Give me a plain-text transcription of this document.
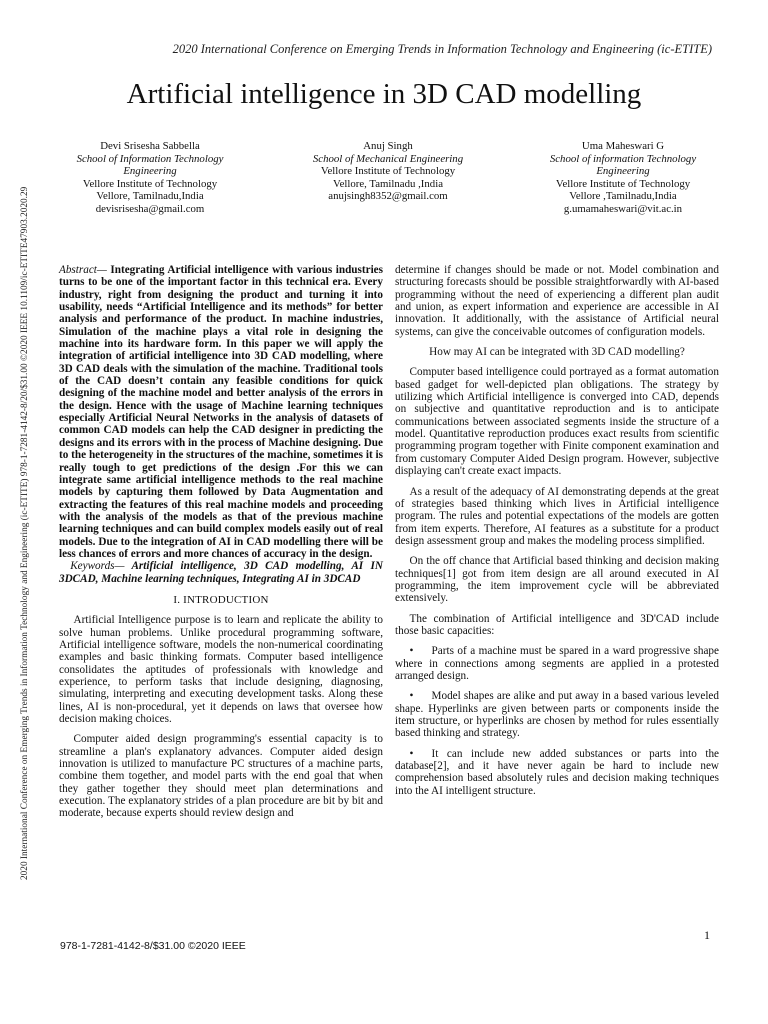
2020 International Conference on Emerging Trends in Information Technology and Engineering (ic-ETITE)

2020 International Conference on Emerging Trends in Information Technology and Engineering (ic-ETITE) 978-1-7281-4142-8/20/$31.00 ©2020 IEEE 10.1109/ic-ETITE47903.2020.29

Artificial intelligence in 3D CAD modelling
Devi Srisesha Sabbella
School of Information Technology Engineering
Vellore Institute of Technology
Vellore, Tamilnadu,India
devisrisesha@gmail.com
Anuj Singh
School of Mechanical Engineering
Vellore Institute of Technology
Vellore, Tamilnadu ,India
anujsingh8352@gmail.com
Uma Maheswari G
School of information Technology Engineering
Vellore Institute of Technology
Vellore ,Tamilnadu,India
g.umamaheswari@vit.ac.in

Abstract— Integrating Artificial intelligence with various industries turns to be one of the important factor in this technical era. Every industry, right from designing the product and turning it into usability, needs “Artificial Intelligence and its methods” for better analysis and performance of the product. In machine industries, Simulation of the machine plays a vital role in designing the machine into its hardware form. In this paper we will apply the integration of artificial intelligence into 3D CAD modelling, where 3D CAD deals with the simulation of the machine. Traditional tools of the CAD doesn’t contain any feasible conditions for quick designing of the machine model and better analysis of the errors in the design. Hence with the usage of Machine learning techniques especially Artificial Neural Networks in the analysis of datasets of common CAD models can help the CAD designer in predicting the designs and its errors with in the process of Machine designing. Due to the heterogeneity in the structures of the machine, sometimes it is really tough to get predictions of the design .For this we can integrate same artificial intelligence methods to the real machine models by capturing them followed by Data Augmentation and extracting the features of this real machine models and proceeding with the analysis of the models as that of the previous machine learning techniques and can build complex models easily out of real models. Due to the integration of AI in CAD modelling there will be less chances of errors and more chances of accuracy in the design.

Keywords— Artificial intelligence, 3D CAD modelling, AI IN 3DCAD, Machine learning techniques, Integrating AI in 3DCAD

I. INTRODUCTION

Artificial Intelligence purpose is to learn and replicate the ability to solve human problems. Unlike procedural programming software, Artificial intelligence software, models the non-numerical coordinating examples and basic thinking formats. Computer based intelligence consolidates the aptitudes of professionals with knowledge and experience, to perform tasks that include designing, diagnosing, simulating, interpreting and executing development tasks. Along these lines, AI is non-procedural, yet it depends on laws that oversee how decision making choices.

Computer aided design programming's essential capacity is to streamline a plan's explanatory advances. Computer aided design innovation is utilized to manufacture PC structures of a machine parts, combine them together, and model parts with the end goal that when they gather together they should meet plan determinations and execution. The explanatory strides of a plan procedure are bit by bit and moderate, because experts should review design and

determine if changes should be made or not. Model combination and structuring forecasts should be possible straightforwardly with AI-based programming without the need of experiencing a different plan audit and union, as expert information and experience are accessible in AI innovation. It additionally, with the assistance of Artificial neural systems, can give the conceivable outcomes of configuration models.

How may AI can be integrated with 3D CAD modelling?

Computer based intelligence could portrayed as a format automation based gadget for well-depicted plan obligations. The strategy by utilizing which Artificial intelligence is converged into CAD, depends on subjective and quantitative reproduction and is to anticipate communications between associated segments inside the structure of a model. Quantitative reproduction produces exact results from scientific programming program together with Finite component examination and from customary Computer Aided Design program. However, subjective displaying can't create exact impacts.

As a result of the adequacy of AI demonstrating depends at the great of strategies based thinking which lives in Artificial intelligence program. The rules and potential expectations of the models are gotten from item experts. Therefore, AI features as a substitute for a product design assessment group and makes the modeling process simplified.

On the off chance that Artificial based thinking and decision making techniques[1] got from item design are all around executed in AI programming, the item improvement cycle will be abbreviated extensively.

The combination of Artificial intelligence and 3D'CAD include those basic capacities:

• Parts of a machine must be spared in a ward progressive shape where in connections among segments are applied in a protested arranged design.

• Model shapes are alike and put away in a based various leveled shape. Hyperlinks are given between parts or components inside the item structure, or hyperlinks are chosen by method for rules essentially based thinking and strategy.

• It can include new added substances or parts into the database[2], and it have never again be hard to include new comprehension based absolutely rules and decision making techniques into the AI intelligent structure.

978-1-7281-4142-8/$31.00 ©2020 IEEE

1
